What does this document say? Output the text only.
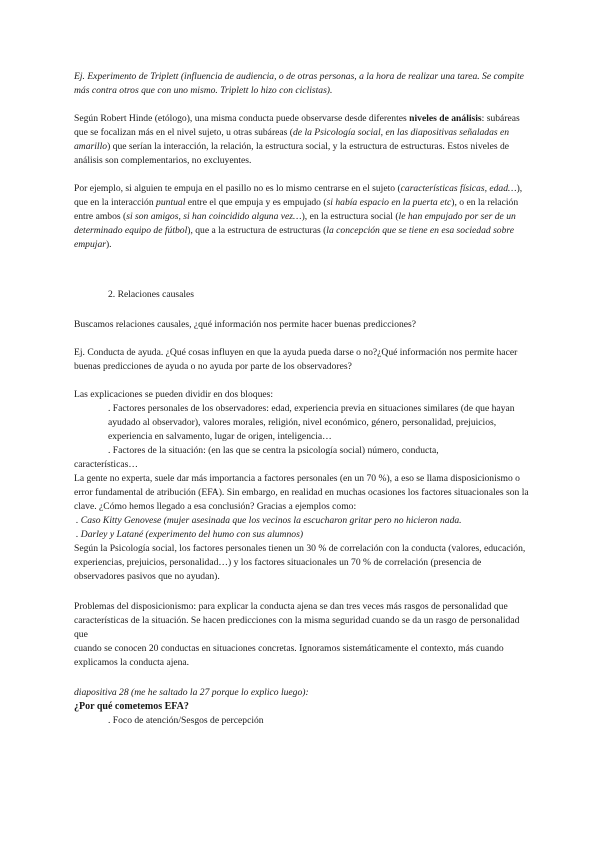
Ej. Experimento de Triplett (influencia de audiencia, o de otras personas, a la hora de realizar una tarea. Se compite más contra otros que con uno mismo. Triplett lo hizo con ciclistas).

Según Robert Hinde (etólogo), una misma conducta puede observarse desde diferentes niveles de análisis: subáreas que se focalizan más en el nivel sujeto, u otras subáreas (de la Psicología social, en las diapositivas señaladas en amarillo) que serían la interacción, la relación, la estructura social, y la estructura de estructuras. Estos niveles de análisis son complementarios, no excluyentes.

Por ejemplo, si alguien te empuja en el pasillo no es lo mismo centrarse en el sujeto (características físicas, edad…), que en la interacción puntual entre el que empuja y es empujado (si había espacio en la puerta etc), o en la relación entre ambos (si son amigos, si han coincidido alguna vez…), en la estructura social (le han empujado por ser de un determinado equipo de fútbol), que a la estructura de estructuras (la concepción que se tiene en esa sociedad sobre empujar).

2. Relaciones causales

Buscamos relaciones causales, ¿qué información nos permite hacer buenas predicciones?

Ej. Conducta de ayuda. ¿Qué cosas influyen en que la ayuda pueda darse o no?¿Qué información nos permite hacer buenas predicciones de ayuda o no ayuda por parte de los observadores?

Las explicaciones se pueden dividir en dos bloques:

. Factores personales de los observadores: edad, experiencia previa en situaciones similares (de que hayan ayudado al observador), valores morales, religión, nivel económico, género, personalidad, prejuicios, experiencia en salvamento, lugar de origen, inteligencia…

. Factores de la situación: (en las que se centra la psicología social) número, conducta,

características…

La gente no experta, suele dar más importancia a factores personales (en un 70 %), a eso se llama disposicionismo o error fundamental de atribución (EFA). Sin embargo, en realidad en muchas ocasiones los factores situacionales son la clave. ¿Cómo hemos llegado a esa conclusión? Gracias a ejemplos como:

. Caso Kitty Genovese (mujer asesinada que los vecinos la escucharon gritar pero no hicieron nada.

. Darley y Latané (experimento del humo con sus alumnos)

Según la Psicología social, los factores personales tienen un 30 % de correlación con la conducta (valores, educación, experiencias, prejuicios, personalidad…) y los factores situacionales un 70 % de correlación (presencia de observadores pasivos que no ayudan).

Problemas del disposicionismo: para explicar la conducta ajena se dan tres veces más rasgos de personalidad que características de la situación. Se hacen predicciones con la misma seguridad cuando se da un rasgo de personalidad que

cuando se conocen 20 conductas en situaciones concretas. Ignoramos sistemáticamente el contexto, más cuando explicamos la conducta ajena.

diapositiva 28 (me he saltado la 27 porque lo explico luego):

¿Por qué cometemos EFA?

. Foco de atención/Sesgos de percepción
